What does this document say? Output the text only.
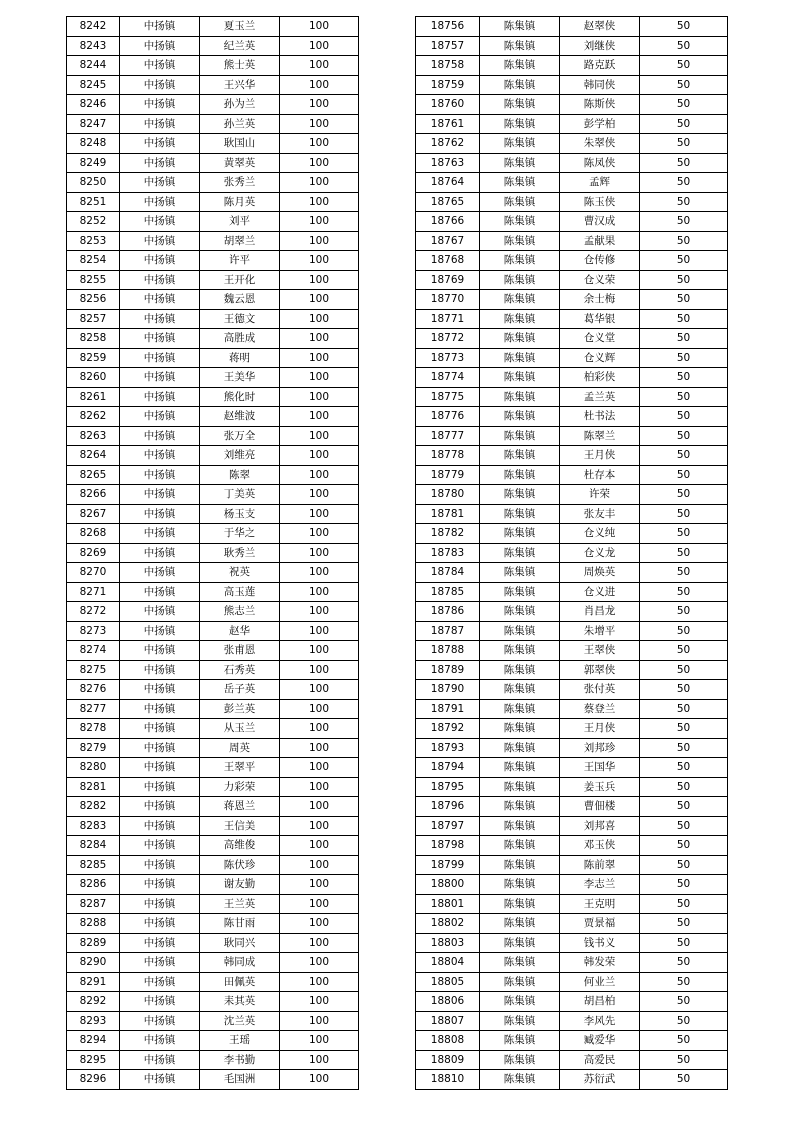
8242	中扬镇	夏玉兰	100
8243	中扬镇	纪兰英	100
8244	中扬镇	熊士英	100
8245	中扬镇	王兴华	100
8246	中扬镇	孙为兰	100
8247	中扬镇	孙兰英	100
8248	中扬镇	耿国山	100
8249	中扬镇	黄翠英	100
8250	中扬镇	张秀兰	100
8251	中扬镇	陈月英	100
8252	中扬镇	刘平	100
8253	中扬镇	胡翠兰	100
8254	中扬镇	许平	100
8255	中扬镇	王开化	100
8256	中扬镇	魏云恩	100
8257	中扬镇	王德文	100
8258	中扬镇	高胜成	100
8259	中扬镇	蒋明	100
8260	中扬镇	王美华	100
8261	中扬镇	熊化时	100
8262	中扬镇	赵维波	100
8263	中扬镇	张万全	100
8264	中扬镇	刘维亮	100
8265	中扬镇	陈翠	100
8266	中扬镇	丁美英	100
8267	中扬镇	杨玉支	100
8268	中扬镇	于华之	100
8269	中扬镇	耿秀兰	100
8270	中扬镇	祝英	100
8271	中扬镇	高玉莲	100
8272	中扬镇	熊志兰	100
8273	中扬镇	赵华	100
8274	中扬镇	张甫恩	100
8275	中扬镇	石秀英	100
8276	中扬镇	岳子英	100
8277	中扬镇	彭兰英	100
8278	中扬镇	从玉兰	100
8279	中扬镇	周英	100
8280	中扬镇	王翠平	100
8281	中扬镇	力彩荣	100
8282	中扬镇	蒋恩兰	100
8283	中扬镇	王信美	100
8284	中扬镇	高维俊	100
8285	中扬镇	陈伏珍	100
8286	中扬镇	谢友勤	100
8287	中扬镇	王兰英	100
8288	中扬镇	陈甘雨	100
8289	中扬镇	耿同兴	100
8290	中扬镇	韩同成	100
8291	中扬镇	田佩英	100
8292	中扬镇	耒其英	100
8293	中扬镇	沈兰英	100
8294	中扬镇	王瑶	100
8295	中扬镇	李书勤	100
8296	中扬镇	毛国洲	100
18756	陈集镇	赵翠侠	50
18757	陈集镇	刘继侠	50
18758	陈集镇	路克跃	50
18759	陈集镇	韩同侠	50
18760	陈集镇	陈斯侠	50
18761	陈集镇	彭学柏	50
18762	陈集镇	朱翠侠	50
18763	陈集镇	陈凤侠	50
18764	陈集镇	孟辉	50
18765	陈集镇	陈玉侠	50
18766	陈集镇	曹汉成	50
18767	陈集镇	孟献果	50
18768	陈集镇	仓传修	50
18769	陈集镇	仓义荣	50
18770	陈集镇	余士梅	50
18771	陈集镇	葛华银	50
18772	陈集镇	仓义堂	50
18773	陈集镇	仓义辉	50
18774	陈集镇	柏彩侠	50
18775	陈集镇	孟兰英	50
18776	陈集镇	杜书法	50
18777	陈集镇	陈翠兰	50
18778	陈集镇	王月侠	50
18779	陈集镇	杜存本	50
18780	陈集镇	许荣	50
18781	陈集镇	张友丰	50
18782	陈集镇	仓义纯	50
18783	陈集镇	仓义龙	50
18784	陈集镇	周焕英	50
18785	陈集镇	仓义进	50
18786	陈集镇	肖昌龙	50
18787	陈集镇	朱增平	50
18788	陈集镇	王翠侠	50
18789	陈集镇	郭翠侠	50
18790	陈集镇	张付英	50
18791	陈集镇	蔡登兰	50
18792	陈集镇	王月侠	50
18793	陈集镇	刘邦珍	50
18794	陈集镇	王国华	50
18795	陈集镇	姜玉兵	50
18796	陈集镇	曹佃楼	50
18797	陈集镇	刘邦喜	50
18798	陈集镇	邓玉侠	50
18799	陈集镇	陈前翠	50
18800	陈集镇	李志兰	50
18801	陈集镇	王克明	50
18802	陈集镇	贾景福	50
18803	陈集镇	钱书义	50
18804	陈集镇	韩发荣	50
18805	陈集镇	何业兰	50
18806	陈集镇	胡昌柏	50
18807	陈集镇	李风先	50
18808	陈集镇	臧爱华	50
18809	陈集镇	高爱民	50
18810	陈集镇	苏衍武	50
